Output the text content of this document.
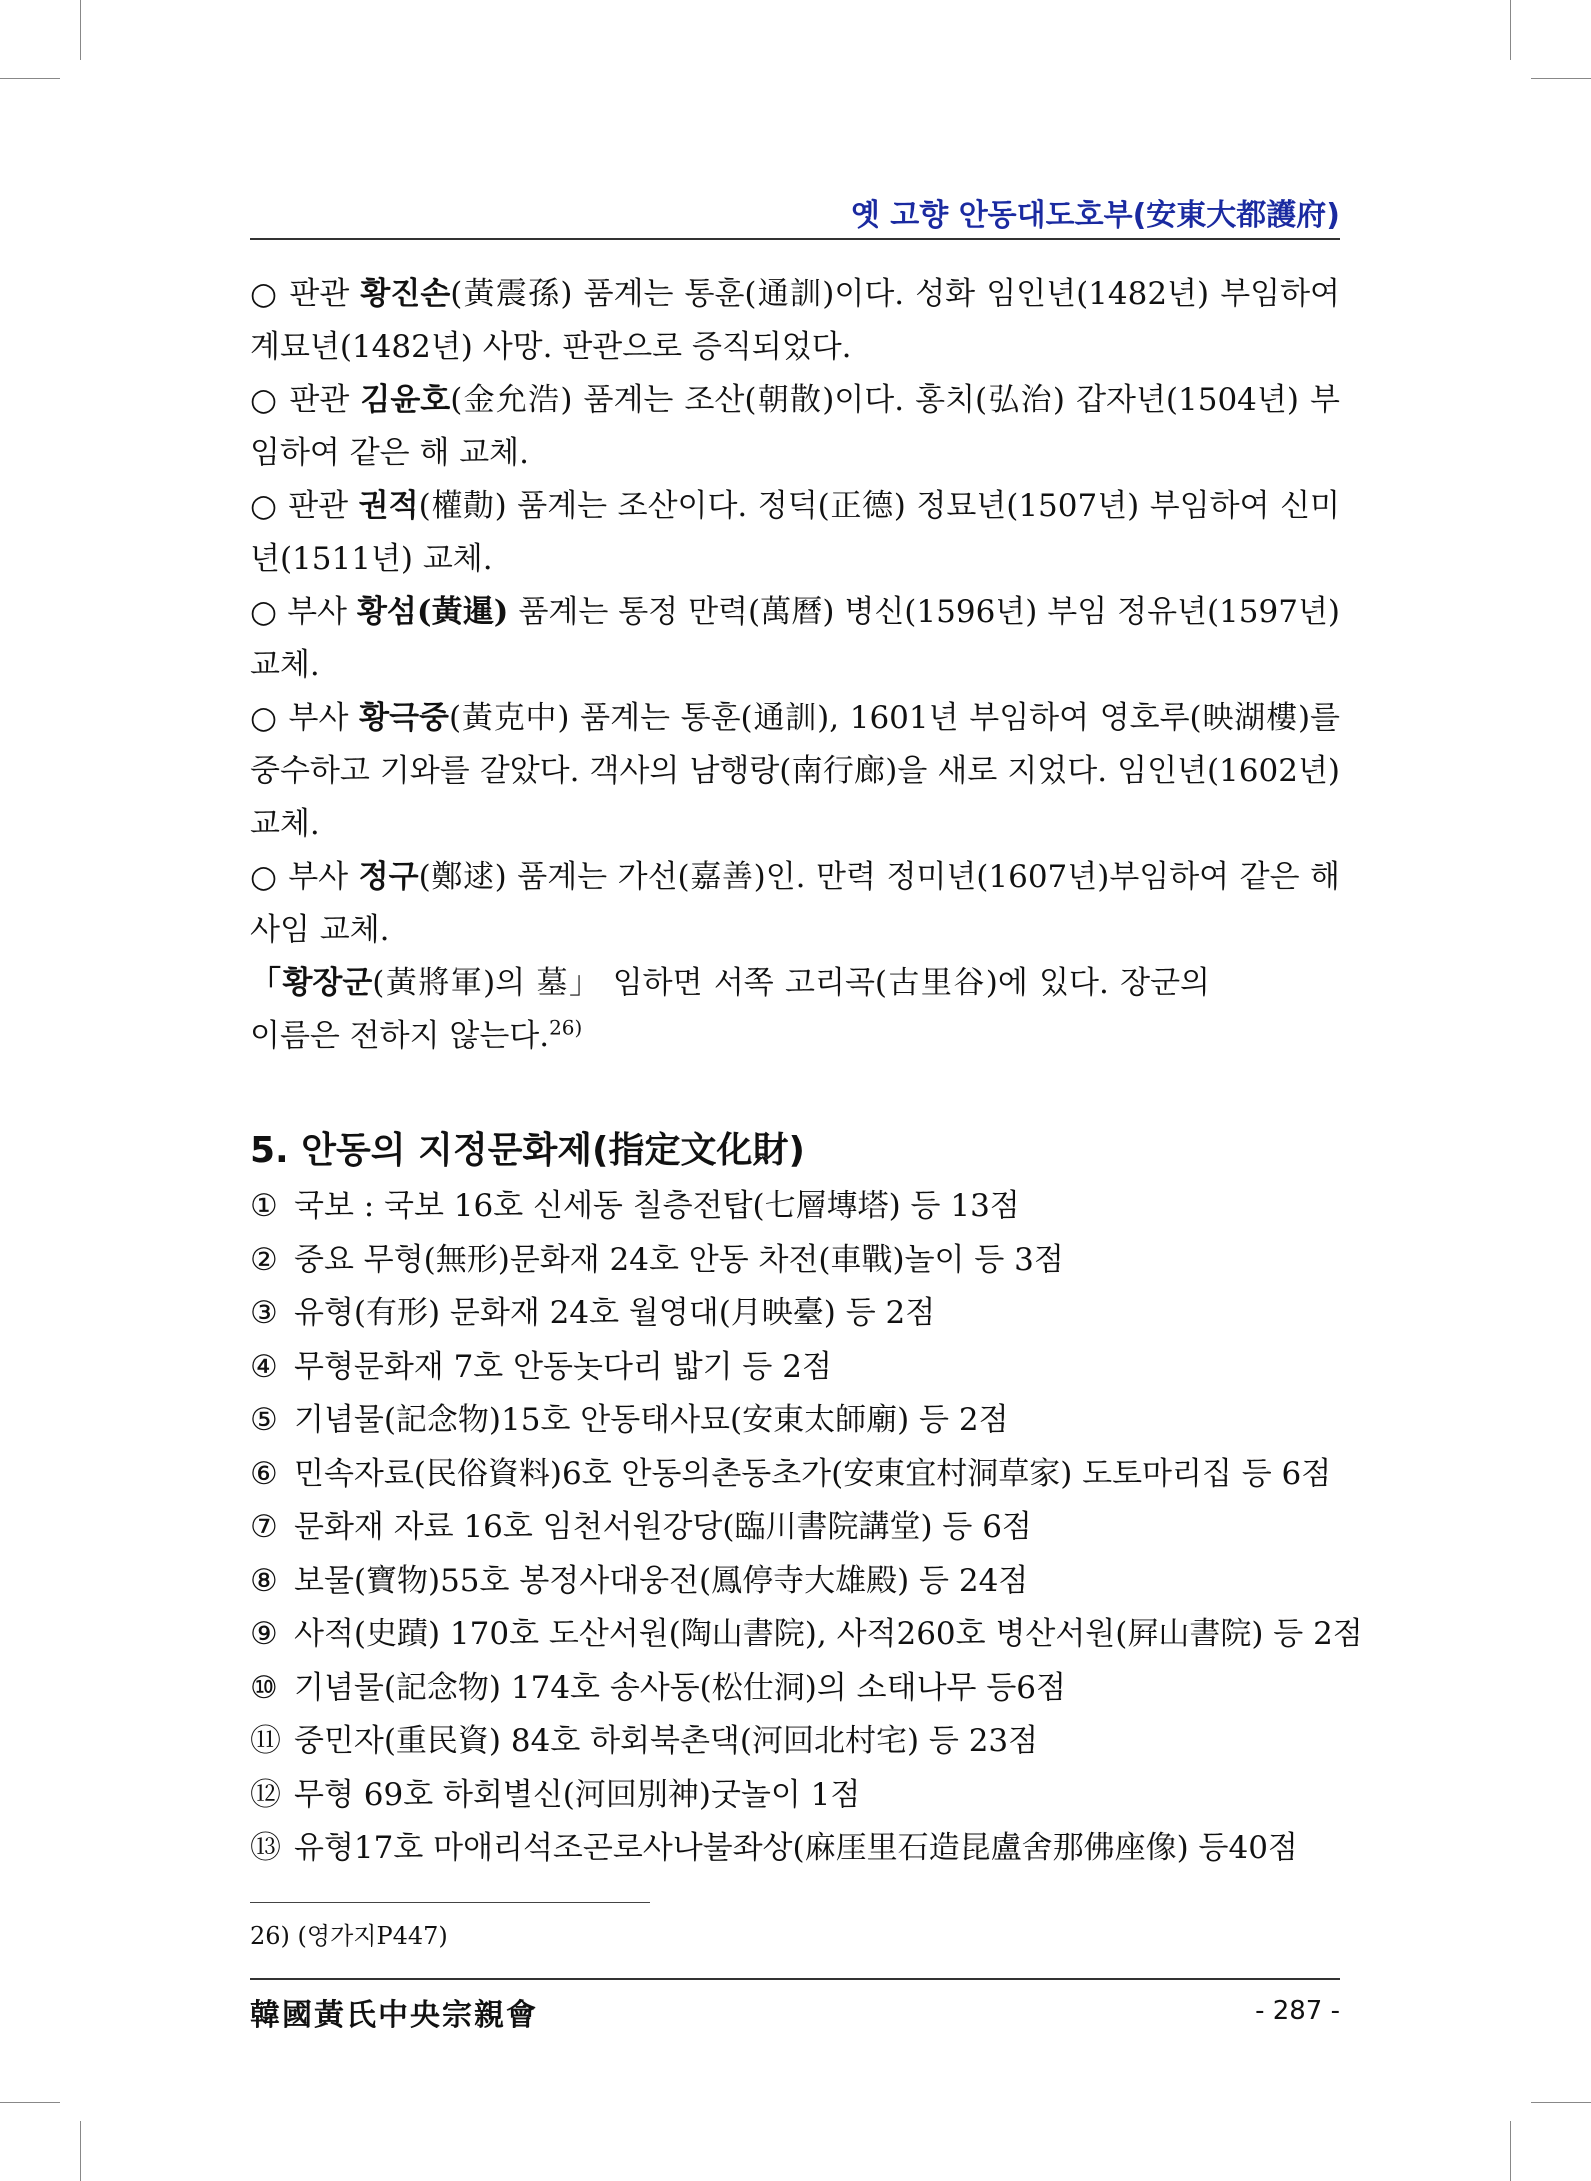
옛 고향 안동대도호부(安東大都護府)
○ 판관 황진손(黃震孫) 품계는 통훈(通訓)이다. 성화 임인년(1482년) 부임하여 계묘년(1482년) 사망. 판관으로 증직되었다.
○ 판관 김윤호(金允浩) 품계는 조산(朝散)이다. 홍치(弘治) 갑자년(1504년) 부임하여 같은 해 교체.
○ 판관 권적(權勣) 품계는 조산이다. 정덕(正德) 정묘년(1507년) 부임하여 신미년(1511년) 교체.
○ 부사 황섬(黃暹) 품계는 통정 만력(萬曆) 병신(1596년) 부임 정유년(1597년) 교체.
○ 부사 황극중(黃克中) 품계는 통훈(通訓), 1601년 부임하여 영호루(映湖樓)를 중수하고 기와를 갈았다. 객사의 남행랑(南行廊)을 새로 지었다. 임인년(1602년) 교체.
○ 부사 정구(鄭逑) 품계는 가선(嘉善)인. 만력 정미년(1607년)부임하여 같은 해 사임 교체.
「황장군(黃將軍)의 墓」 임하면 서쪽 고리곡(古里谷)에 있다. 장군의 이름은 전하지 않는다.$^{26)}$
5. 안동의 지정문화제(指定文化財)
① 국보 : 국보 16호 신세동 칠층전탑(七層塼塔) 등 13점
② 중요 무형(無形)문화재 24호 안동 차전(車戰)놀이 등 3점
③ 유형(有形) 문화재 24호 월영대(月映臺) 등 2점
④ 무형문화재 7호 안동놋다리 밟기 등 2점
⑤ 기념물(記念物)15호 안동태사묘(安東太師廟) 등 2점
⑥ 민속자료(民俗資料)6호 안동의촌동초가(安東宜村洞草家) 도토마리집 등 6점
⑦ 문화재 자료 16호 임천서원강당(臨川書院講堂) 등 6점
⑧ 보물(寶物)55호 봉정사대웅전(鳳停寺大雄殿) 등 24점
⑨ 사적(史蹟) 170호 도산서원(陶山書院), 사적260호 병산서원(屛山書院) 등 2점
⑩ 기념물(記念物) 174호 송사동(松仕洞)의 소태나무 등6점
⑪ 중민자(重民資) 84호 하회북촌댁(河回北村宅) 등 23점
⑫ 무형 69호 하회별신(河回別神)굿놀이 1점
⑬ 유형17호 마애리석조곤로사나불좌상(麻厓里石造昆盧舍那佛座像) 등40점
26) (영가지P447)
韓國黃氏中央宗親會	- 287 -
